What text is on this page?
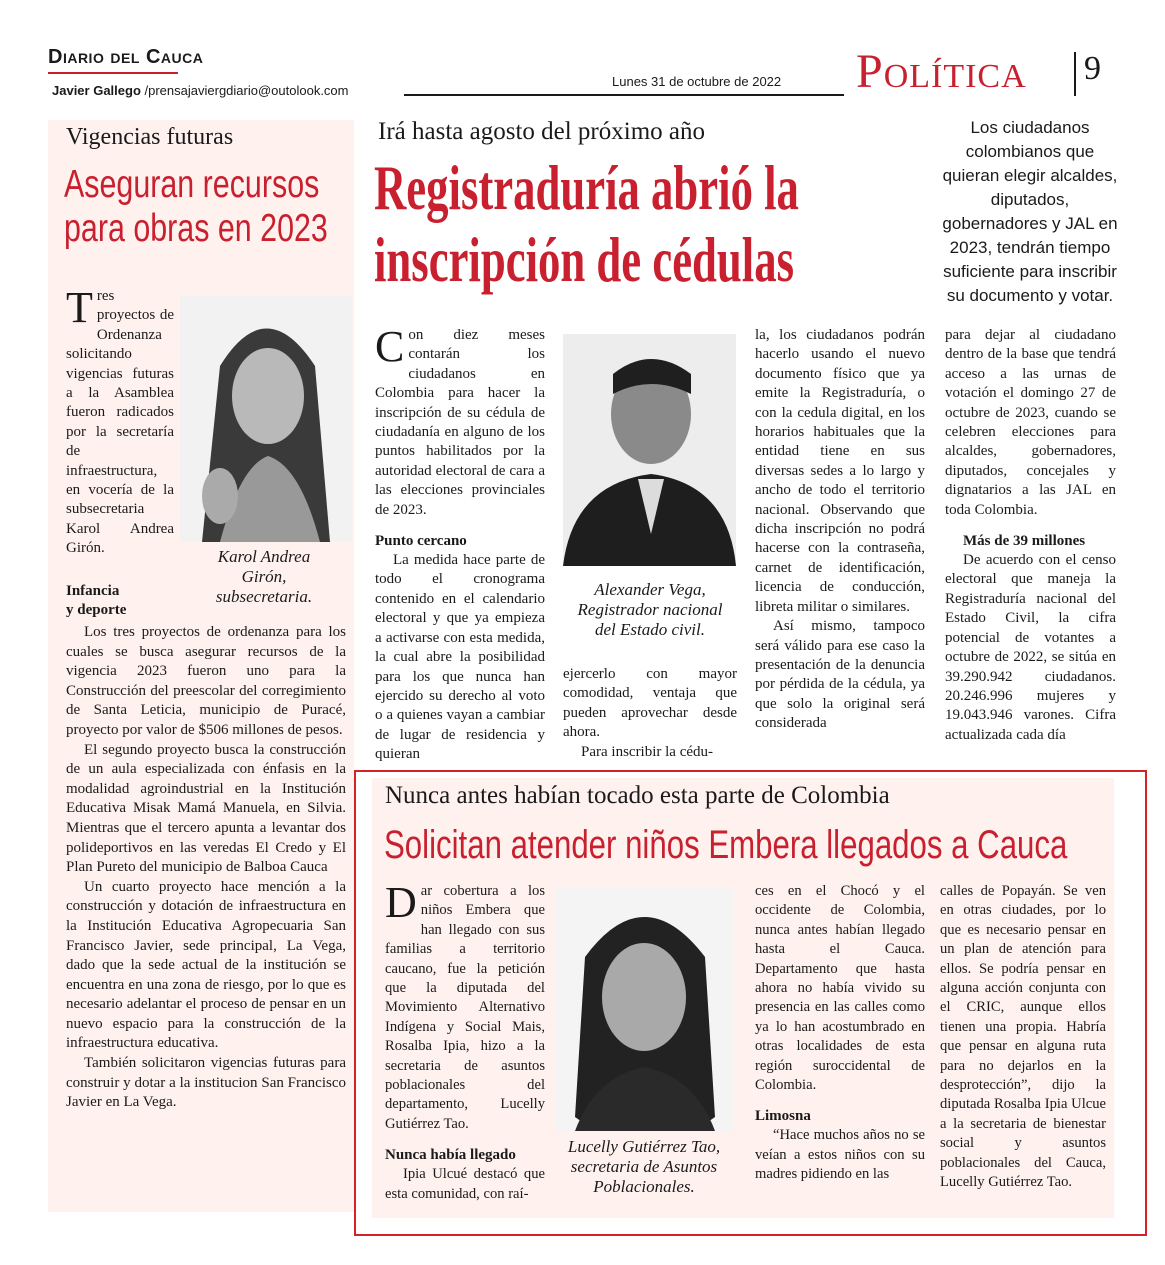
Diario del Cauca
Javier Gallego /prensajaviergdiario@outolook.com
Lunes 31 de octubre de 2022 Política 9
Vigencias futuras
Aseguran recursos
para obras en 2023
Tres proyectos de Ordenanza solicitando vigencias futuras a la Asamblea fueron radicados por la secretaría de infraestructura, en vocería de la subsecretaria Karol Andrea Girón.	Karol Andrea
Girón,
subsecretaria.
Infancia
y deporte

Los tres proyectos de ordenanza para los cuales se busca asegurar recursos de la vigencia 2023 fueron uno para la Construcción del preescolar del corregimiento de Santa Leticia, municipio de Puracé, proyecto por valor de $506 millones de pesos.

El segundo proyecto busca la construcción de un aula especializada con énfasis en la modalidad agroindustrial en la Institución Educativa Misak Mamá Manuela, en Silvia. Mientras que el tercero apunta a levantar dos polideportivos en las veredas El Credo y El Plan Pureto del municipio de Balboa Cauca

Un cuarto proyecto hace mención a la construcción y dotación de infraestructura en la Institución Educativa Agropecuaria San Francisco Javier, sede principal, La Vega, dado que la sede actual de la institución se encuentra en una zona de riesgo, por lo que es necesario adelantar el proceso de pensar en un nuevo espacio para la construcción de la infraestructura educativa.

También solicitaron vigencias futuras para construir y dotar a la institucion San Francisco Javier en La Vega.

Irá hasta agosto del próximo año
Registraduría abrió la
inscripción de cédulas
Los ciudadanos colombianos que quieran elegir alcaldes, diputados, gobernadores y JAL en 2023, tendrán tiempo suficiente para inscribir su documento y votar.

Con diez meses contarán los ciudadanos en Colombia para hacer la inscripción de su cédula de ciudadanía en alguno de los puntos habilitados por la autoridad electoral de cara a las elecciones provinciales de 2023.

Punto cercano

La medida hace parte de todo el cronograma contenido en el calendario electoral y que ya empieza a activarse con esta medida, la cual abre la posibilidad para los que nunca han ejercido su derecho al voto o a quienes vayan a cambiar de lugar de residencia y quieran

Alexander Vega,
Registrador nacional
del Estado civil.

ejercerlo con mayor comodidad, ventaja que pueden aprovechar desde ahora.

Para inscribir la cédu-

la, los ciudadanos podrán hacerlo usando el nuevo documento físico que ya emite la Registraduría, o con la cedula digital, en los horarios habituales que la entidad tiene en sus diversas sedes a lo largo y ancho de todo el territorio nacional. Observando que dicha inscripción no podrá hacerse con la contraseña, carnet de identificación, licencia de conducción, libreta militar o similares.

Así mismo, tampoco será válido para ese caso la presentación de la denuncia por pérdida de la cédula, ya que solo la original será considerada

para dejar al ciudadano dentro de la base que tendrá acceso a las urnas de votación el domingo 27 de octubre de 2023, cuando se celebren elecciones para alcaldes, gobernadores, diputados, concejales y dignatarios a las JAL en toda Colombia.

Más de 39 millones

De acuerdo con el censo electoral que maneja la Registraduría nacional del Estado Civil, la cifra potencial de votantes a octubre de 2022, se sitúa en 39.290.942 ciudadanos. 20.246.996 mujeres y 19.043.946 varones. Cifra actualizada cada día

Nunca antes habían tocado esta parte de Colombia
Solicitan atender niños Embera llegados a Cauca

Dar cobertura a los niños Embera que han llegado con sus familias a territorio caucano, fue la petición que la diputada del Movimiento Alternativo Indígena y Social Mais, Rosalba Ipia, hizo a la secretaria de asuntos poblacionales del departamento, Lucelly Gutiérrez Tao.

Nunca había llegado

Ipia Ulcué destacó que esta comunidad, con raí-

Lucelly Gutiérrez Tao,
secretaria de Asuntos
Poblacionales.

ces en el Chocó y el occidente de Colombia, nunca antes habían llegado hasta el Cauca. Departamento que hasta ahora no había vivido su presencia en las calles como ya lo han acostumbrado en otras localidades de esta región suroccidental de Colombia.

Limosna

“Hace muchos años no se veían a estos niños con su madres pidiendo en las

calles de Popayán. Se ven en otras ciudades, por lo que es necesario pensar en un plan de atención para ellos. Se podría pensar en alguna acción conjunta con el CRIC, aunque ellos tienen una propia. Habría que pensar en alguna ruta para no dejarlos en la desprotección”, dijo la diputada Rosalba Ipia Ulcue a la secretaria de bienestar social y asuntos poblacionales del Cauca, Lucelly Gutiérrez Tao.
